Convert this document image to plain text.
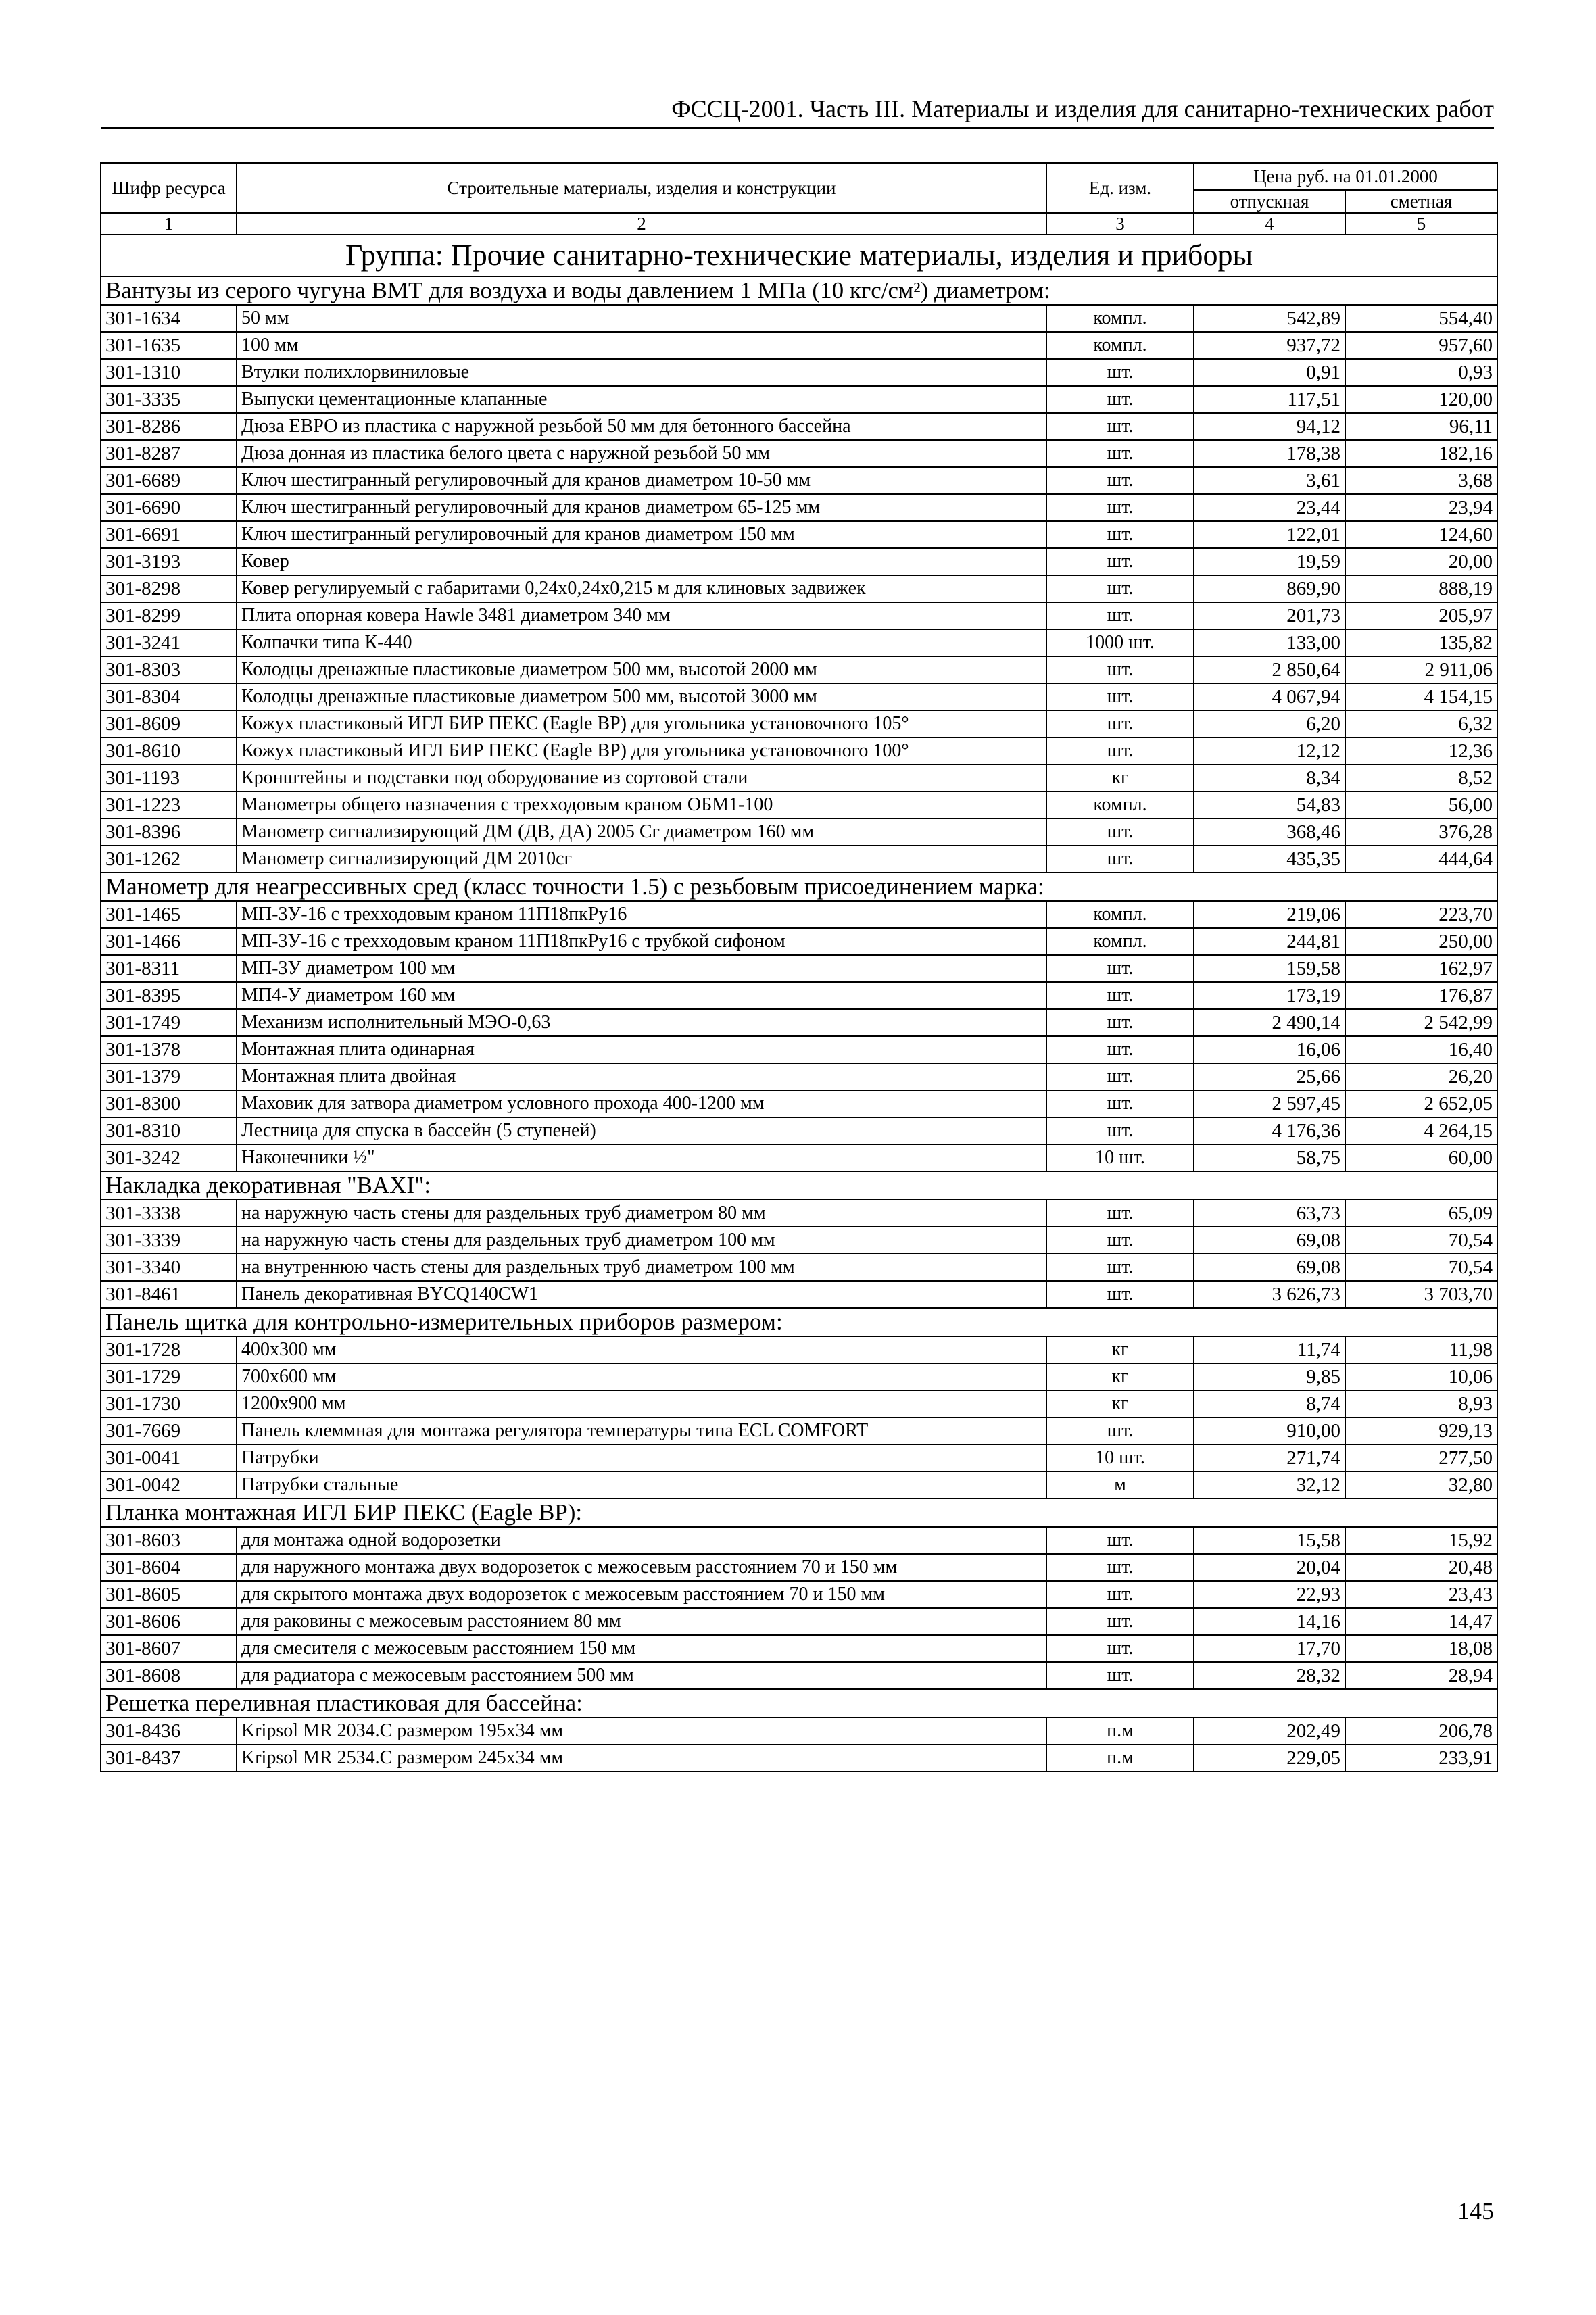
ФССЦ-2001. Часть III. Материалы и изделия для санитарно-технических работ
Шифр ресурса	Строительные материалы, изделия и конструкции	Ед. изм.	Цена руб. на 01.01.2000	
			отпускная	сметная
1	2	3	4	5
Группа: Прочие санитарно-технические материалы, изделия и приборы				
Вантузы из серого чугуна ВМТ для воздуха и воды давлением 1 МПа (10 кгс/см²) диаметром:				
301-1634	50 мм	компл.	542,89	554,40
301-1635	100 мм	компл.	937,72	957,60
301-1310	Втулки полихлорвиниловые	шт.	0,91	0,93
301-3335	Выпуски цементационные клапанные	шт.	117,51	120,00
301-8286	Дюза ЕВРО из пластика с наружной резьбой 50 мм для бетонного бассейна	шт.	94,12	96,11
301-8287	Дюза донная из пластика белого цвета с наружной резьбой 50 мм	шт.	178,38	182,16
301-6689	Ключ шестигранный регулировочный для кранов диаметром 10-50 мм	шт.	3,61	3,68
301-6690	Ключ шестигранный регулировочный для кранов диаметром 65-125 мм	шт.	23,44	23,94
301-6691	Ключ шестигранный регулировочный для кранов диаметром 150 мм	шт.	122,01	124,60
301-3193	Ковер	шт.	19,59	20,00
301-8298	Ковер регулируемый с габаритами 0,24х0,24х0,215 м для клиновых задвижек	шт.	869,90	888,19
301-8299	Плита опорная ковера Hawle 3481 диаметром 340 мм	шт.	201,73	205,97
301-3241	Колпачки типа К-440	1000 шт.	133,00	135,82
301-8303	Колодцы дренажные пластиковые диаметром 500 мм, высотой 2000 мм	шт.	2 850,64	2 911,06
301-8304	Колодцы дренажные пластиковые диаметром 500 мм, высотой 3000 мм	шт.	4 067,94	4 154,15
301-8609	Кожух пластиковый ИГЛ БИР ПЕКС (Eagle BP) для угольника установочного 105°	шт.	6,20	6,32
301-8610	Кожух пластиковый ИГЛ БИР ПЕКС (Eagle BP) для угольника установочного 100°	шт.	12,12	12,36
301-1193	Кронштейны и подставки под оборудование из сортовой стали	кг	8,34	8,52
301-1223	Манометры общего назначения с трехходовым краном ОБМ1-100	компл.	54,83	56,00
301-8396	Манометр сигнализирующий ДМ (ДВ, ДА) 2005 Сг диаметром 160 мм	шт.	368,46	376,28
301-1262	Манометр сигнализирующий ДМ 2010сг	шт.	435,35	444,64
Манометр для неагрессивных сред (класс точности 1.5) с резьбовым присоединением марка:				
301-1465	МП-3У-16 с трехходовым краном 11П18пкРу16	компл.	219,06	223,70
301-1466	МП-3У-16 с трехходовым краном 11П18пкРу16 с трубкой сифоном	компл.	244,81	250,00
301-8311	МП-3У диаметром 100 мм	шт.	159,58	162,97
301-8395	МП4-У диаметром 160 мм	шт.	173,19	176,87
301-1749	Механизм исполнительный МЭО-0,63	шт.	2 490,14	2 542,99
301-1378	Монтажная плита одинарная	шт.	16,06	16,40
301-1379	Монтажная плита двойная	шт.	25,66	26,20
301-8300	Маховик для затвора диаметром условного прохода 400-1200 мм	шт.	2 597,45	2 652,05
301-8310	Лестница для спуска в бассейн (5 ступеней)	шт.	4 176,36	4 264,15
301-3242	Наконечники ½"	10 шт.	58,75	60,00
Накладка декоративная "BAXI":				
301-3338	на наружную часть стены для раздельных труб диаметром 80 мм	шт.	63,73	65,09
301-3339	на наружную часть стены для раздельных труб диаметром 100 мм	шт.	69,08	70,54
301-3340	на внутреннюю часть стены для раздельных труб диаметром 100 мм	шт.	69,08	70,54
301-8461	Панель декоративная BYCQ140CW1	шт.	3 626,73	3 703,70
Панель щитка для контрольно-измерительных приборов размером:				
301-1728	400х300 мм	кг	11,74	11,98
301-1729	700х600 мм	кг	9,85	10,06
301-1730	1200х900 мм	кг	8,74	8,93
301-7669	Панель клеммная для монтажа регулятора температуры типа ECL COMFORT	шт.	910,00	929,13
301-0041	Патрубки	10 шт.	271,74	277,50
301-0042	Патрубки стальные	м	32,12	32,80
Планка монтажная ИГЛ БИР ПЕКС (Eagle BP):				
301-8603	для монтажа одной водорозетки	шт.	15,58	15,92
301-8604	для наружного монтажа двух водорозеток с межосевым расстоянием 70 и 150 мм	шт.	20,04	20,48
301-8605	для скрытого монтажа двух водорозеток с межосевым расстоянием 70 и 150 мм	шт.	22,93	23,43
301-8606	для раковины с межосевым расстоянием 80 мм	шт.	14,16	14,47
301-8607	для смесителя с межосевым расстоянием 150 мм	шт.	17,70	18,08
301-8608	для радиатора с межосевым расстоянием 500 мм	шт.	28,32	28,94
Решетка переливная пластиковая для бассейна:				
301-8436	Kripsol MR 2034.C размером 195х34 мм	п.м	202,49	206,78
301-8437	Kripsol MR 2534.C размером 245х34 мм	п.м	229,05	233,91
145
